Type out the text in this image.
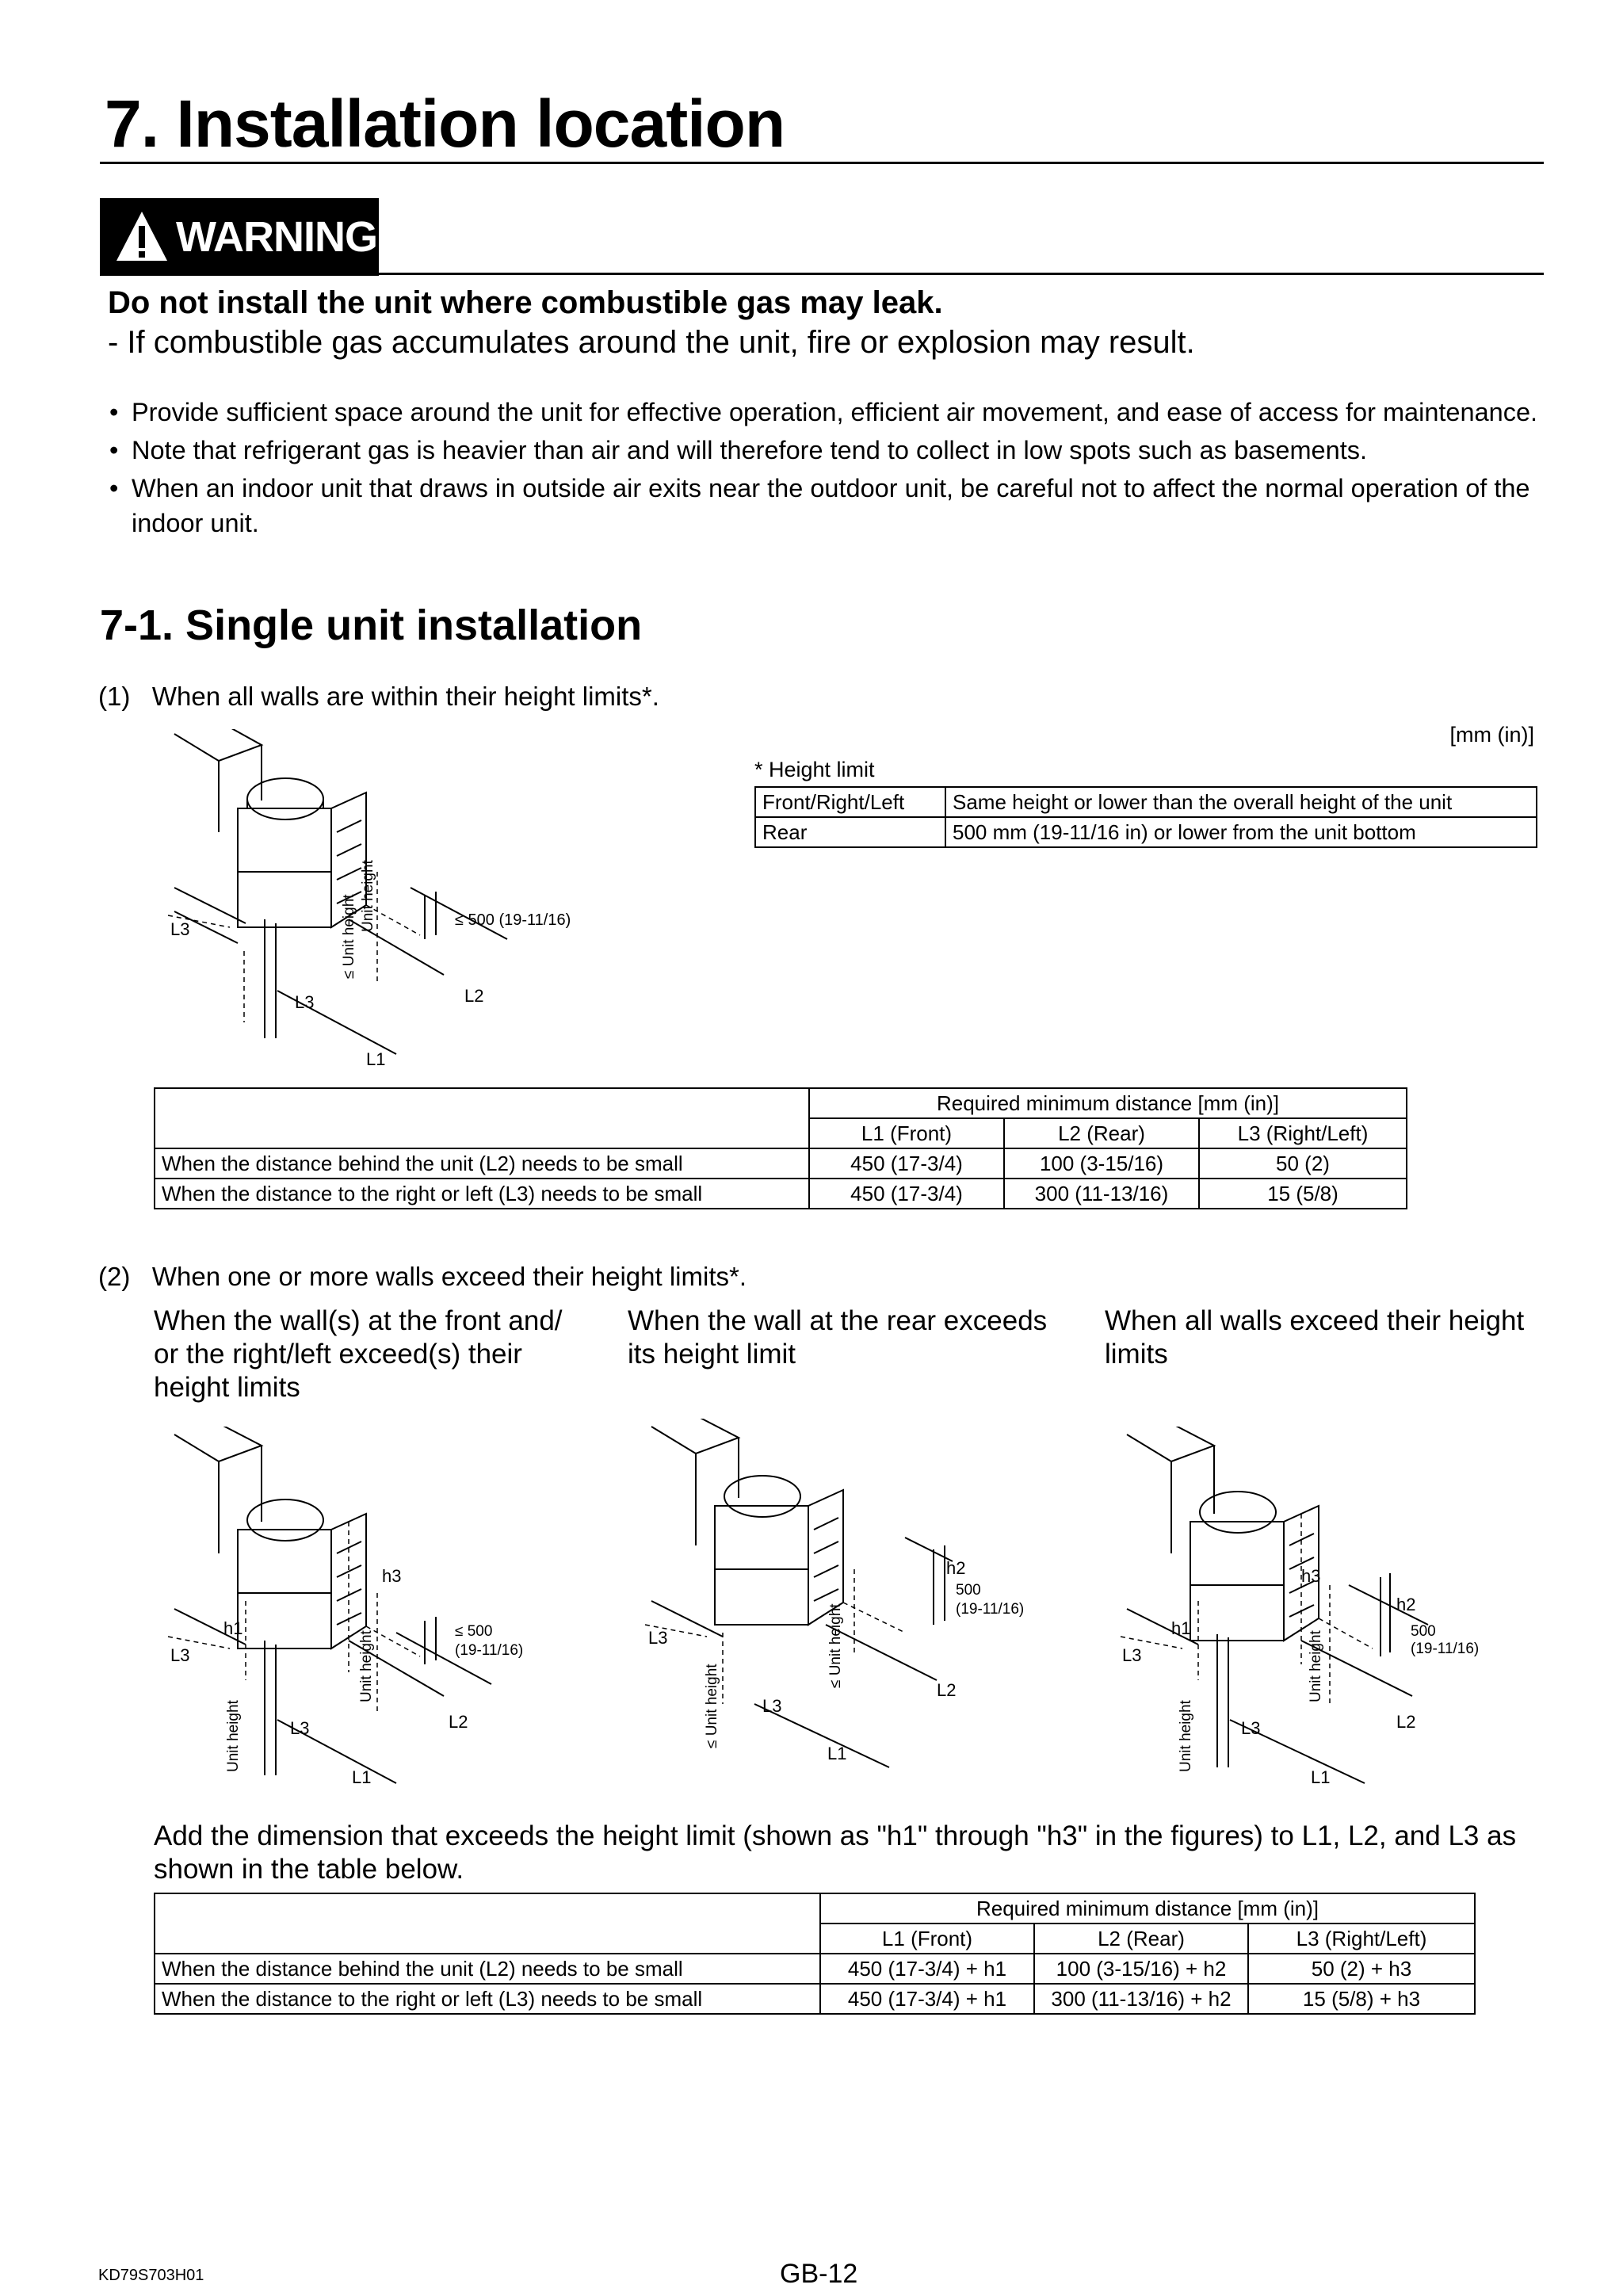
7. Installation location
WARNING
Do not install the unit where combustible gas may leak.
- If combustible gas accumulates around the unit, fire or explosion may result.
• Provide sufficient space around the unit for effective operation, efficient air movement, and ease of access for maintenance.
• Note that refrigerant gas is heavier than air and will therefore tend to collect in low spots such as basements.
• When an indoor unit that draws in outside air exits near the outdoor unit, be careful not to affect the normal operation of the indoor unit.
7-1. Single unit installation
(1)   When all walls are within their height limits*.
[mm (in)]
* Height limit
Front/Right/Left	Same height or lower than the overall height of the unit
Rear	500 mm (19-11/16 in) or lower from the unit bottom
L3
L3	L2
L1
≤ 500 (19-11/16)
≤ Unit height Unit height
	Required minimum distance [mm (in)]		
	L1 (Front)	L2 (Rear)	L3 (Right/Left)
When the distance behind the unit (L2) needs to be small	450 (17-3/4)	100 (3-15/16)	50 (2)
When the distance to the right or left (L3) needs to be small	450 (17-3/4)	300 (11-13/16)	15 (5/8)
(2)   When one or more walls exceed their height limits*.
When the wall(s) at the front and/ or the right/left exceed(s) their height limits
When the wall at the rear exceeds its height limit
When all walls exceed their height limits
h3
h1
L3
L3	L2
L1
≤ 500
(19-11/16)
Unit height
Unit height
h2
500
(19-11/16)
L3
L3
L2
L1
≤ Unit height
≤ Unit height
h3
h2
500
(19-11/16)
h1
L3
L3	L2
L1
Unit height
Unit height
Add the dimension that exceeds the height limit (shown as "h1" through "h3" in the figures) to L1, L2, and L3 as shown in the table below.
	Required minimum distance [mm (in)]		
	L1 (Front)	L2 (Rear)	L3 (Right/Left)
When the distance behind the unit (L2) needs to be small	450 (17-3/4) + h1	100 (3-15/16) + h2	50 (2) + h3
When the distance to the right or left (L3) needs to be small	450 (17-3/4) + h1	300 (11-13/16) + h2	15 (5/8) + h3
KD79S703H01	GB-12
